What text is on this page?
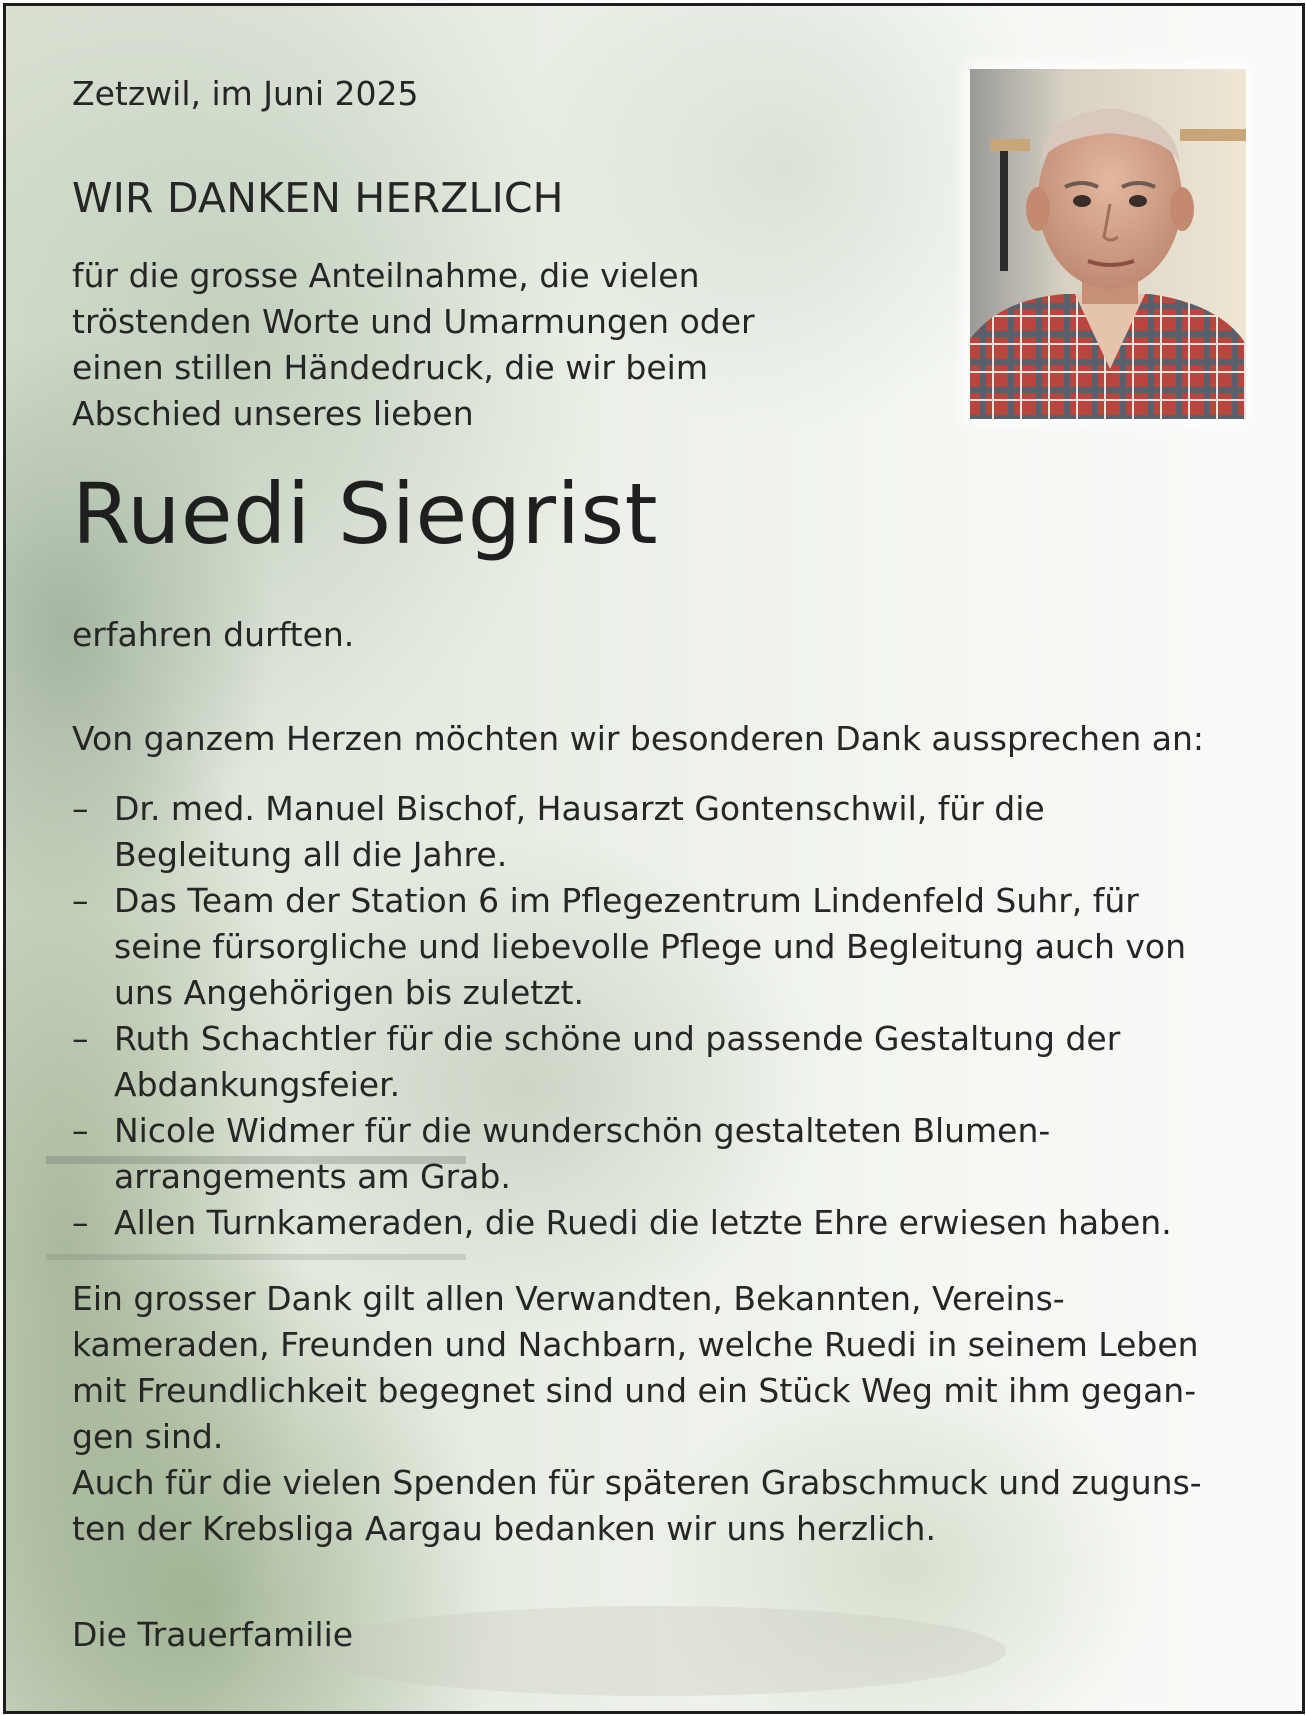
Zetzwil, im Juni 2025

WIR DANKEN HERZLICH

für die grosse Anteilnahme, die vielen
tröstenden Worte und Umarmungen oder
einen stillen Händedruck, die wir beim
Abschied unseres lieben

Ruedi Siegrist

erfahren durften.

Von ganzem Herzen möchten wir besonderen Dank aussprechen an:

– Dr. med. Manuel Bischof, Hausarzt Gontenschwil, für die
Begleitung all die Jahre.
– Das Team der Station 6 im Pflegezentrum Lindenfeld Suhr, für
seine fürsorgliche und liebevolle Pflege und Begleitung auch von
uns Angehörigen bis zuletzt.
– Ruth Schachtler für die schöne und passende Gestaltung der
Abdankungsfeier.
– Nicole Widmer für die wunderschön gestalteten Blumen-
arrangements am Grab.
– Allen Turnkameraden, die Ruedi die letzte Ehre erwiesen haben.

Ein grosser Dank gilt allen Verwandten, Bekannten, Vereins-
kameraden, Freunden und Nachbarn, welche Ruedi in seinem Leben
mit Freundlichkeit begegnet sind und ein Stück Weg mit ihm gegan-
gen sind.
Auch für die vielen Spenden für späteren Grabschmuck und zuguns-
ten der Krebsliga Aargau bedanken wir uns herzlich.

Die Trauerfamilie
